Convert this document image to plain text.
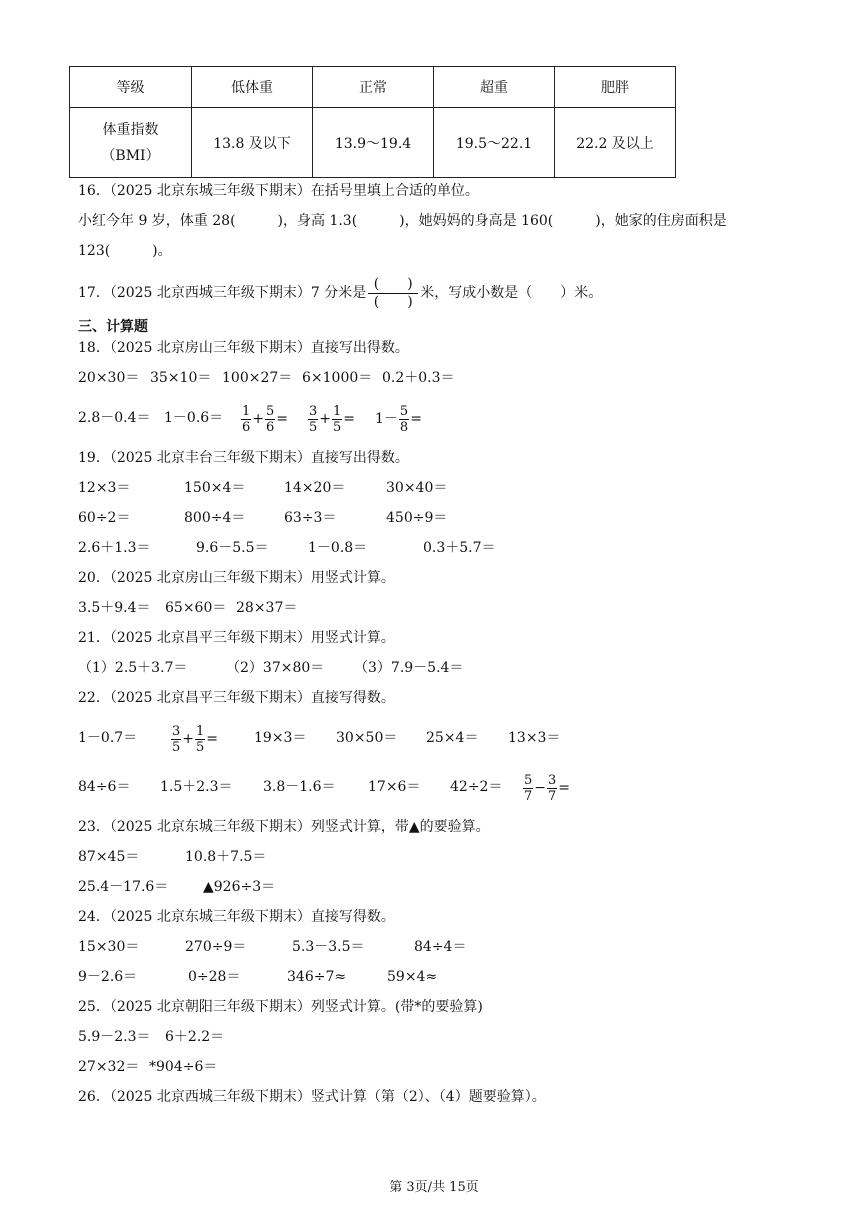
等级	低体重	正常	超重	肥胖

体重指数
（BMI）	13.8 及以下	13.9～19.4	19.5～22.1	22.2 及以上
16．（2025 北京东城三年级下期末）在括号里填上合适的单位。
小红今年 9 岁，体重 28(　　　)，身高 1.3(　　　)，她妈妈的身高是 160(　　　)，她家的住房面积是
123(　　　)。
17．（2025 北京西城三年级下期末）7 分米是
(　　)
(　　)
米，写成小数是（　　）米。
三、计算题
18．（2025 北京房山三年级下期末）直接写出得数。
20×30＝ 35×10＝ 100×27＝ 6×1000＝ 0.2＋0.3＝
$2.8-0.4= 1-0.6= \frac{1}{6} + \frac{5}{6} = \frac{3}{5} + \frac{1}{5} = 1 - \frac{5}{8}$ =
19．（2025 北京丰台三年级下期末）直接写出得数。
12×3＝	150×4＝	14×20＝	30×40＝
60÷2＝	800÷4＝	63÷3＝	450÷9＝
2.6＋1.3＝	9.6－5.5＝	1－0.8＝	0.3＋5.7＝
20．（2025 北京房山三年级下期末）用竖式计算。
3.5＋9.4＝ 65×60＝ 28×37＝
21．（2025 北京昌平三年级下期末）用竖式计算。
（1）2.5＋3.7＝	（2）37×80＝ （3）7.9－5.4＝
22．（2025 北京昌平三年级下期末）直接写得数。
1－0.7＝	$\frac{3}{5} + \frac{1}{5}$ =	19×3＝ 30×50＝ 25×4＝ 13×3＝
$84\div 6= 1.5+2.3= 3.8-1.6= 17\times 6= 42\div 2= \frac{5}{7} - \frac{3}{7}$ =
23．（2025 北京东城三年级下期末）列竖式计算，带▲的要验算。
87×45＝	10.8＋7.5＝
25.4－17.6＝ ▲926÷3＝
24．（2025 北京东城三年级下期末）直接写得数。
15×30＝	270÷9＝	5.3－3.5＝	84÷4＝
9－2.6＝	0÷28＝	346÷7≈	59×4≈
25．（2025 北京朝阳三年级下期末）列竖式计算。(带*的要验算)
5.9－2.3＝ 6＋2.2＝
27×32＝ *904÷6＝
26．（2025 北京西城三年级下期末）竖式计算（第（2）、（4）题要验算）。
第 3页/共 15页
